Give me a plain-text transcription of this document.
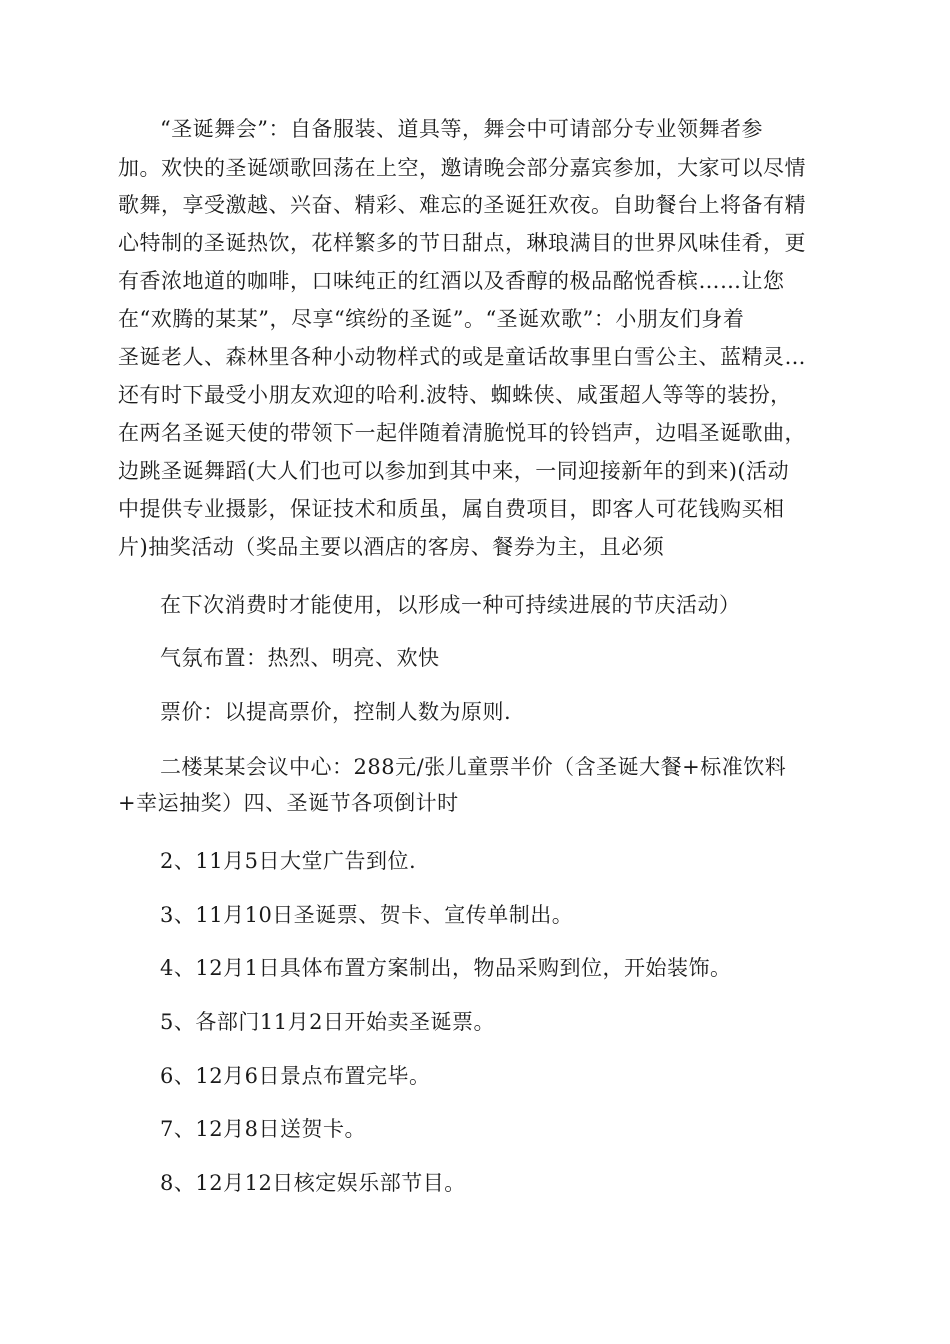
“圣诞舞会”：自备服装、道具等，舞会中可请部分专业领舞者参
加。欢快的圣诞颂歌回荡在上空，邀请晚会部分嘉宾参加，大家可以尽情
歌舞，享受激越、兴奋、精彩、难忘的圣诞狂欢夜。自助餐台上将备有精
心特制的圣诞热饮，花样繁多的节日甜点，琳琅满目的世界风味佳肴，更
有香浓地道的咖啡，口味纯正的红酒以及香醇的极品酩悦香槟……让您
在“欢腾的某某”，尽享“缤纷的圣诞”。“圣诞欢歌”：小朋友们身着
圣诞老人、森林里各种小动物样式的或是童话故事里白雪公主、蓝精灵…
还有时下最受小朋友欢迎的哈利.波特、蜘蛛侠、咸蛋超人等等的装扮，
在两名圣诞天使的带领下一起伴随着清脆悦耳的铃铛声，边唱圣诞歌曲，
边跳圣诞舞蹈(大人们也可以参加到其中来，一同迎接新年的到来)(活动
中提供专业摄影，保证技术和质虽，属自费项目，即客人可花钱购买相
片)抽奖活动（奖品主要以酒店的客房、餐券为主，且必须
在下次消费时才能使用，以形成一种可持续进展的节庆活动）
气氛布置：热烈、明亮、欢快
票价：以提高票价，控制人数为原则.
二楼某某会议中心：288元/张儿童票半价（含圣诞大餐+标准饮料
+幸运抽奖）四、圣诞节各项倒计时
2、11月5日大堂广告到位.
3、11月10日圣诞票、贺卡、宣传单制出。
4、12月1日具体布置方案制出，物品采购到位，开始装饰。
5、各部门11月2日开始卖圣诞票。
6、12月6日景点布置完毕。
7、12月8日送贺卡。
8、12月12日核定娱乐部节目。
